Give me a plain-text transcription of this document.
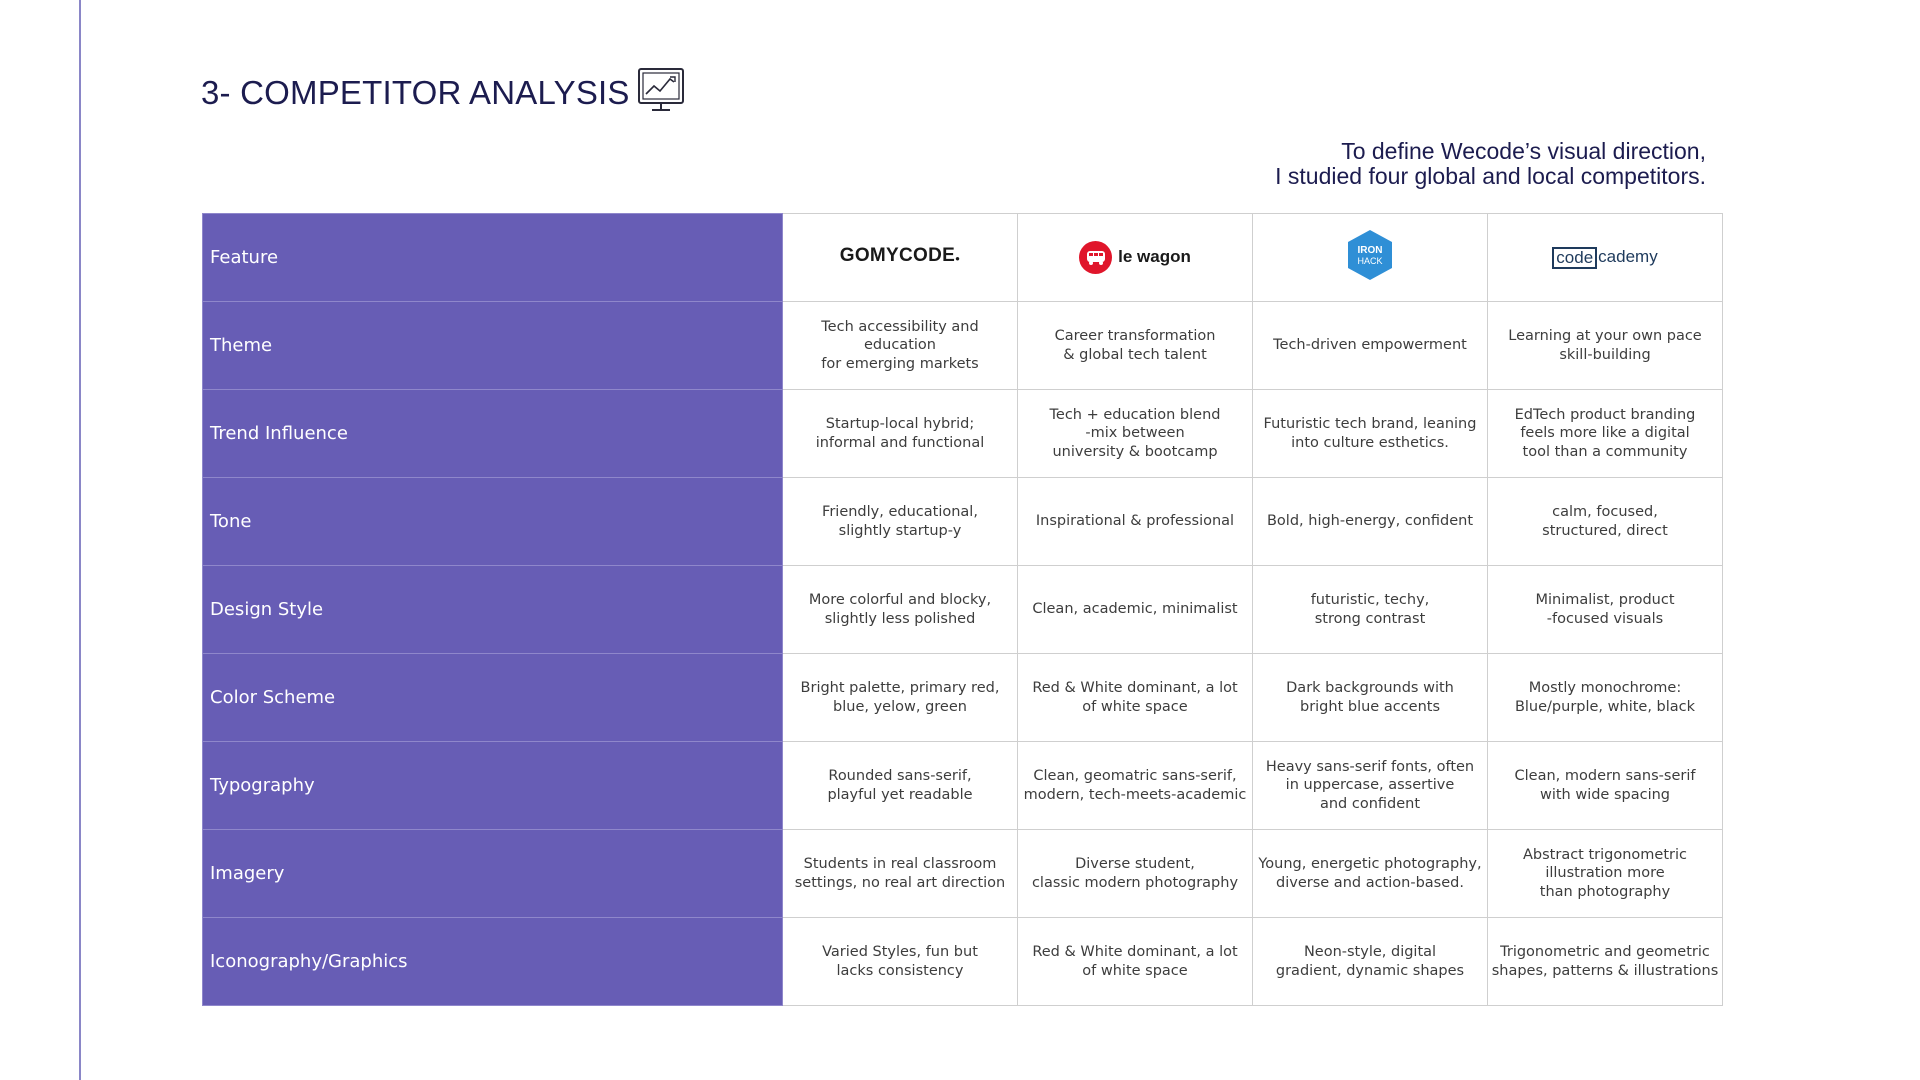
3- COMPETITOR ANALYSIS
To define Wecode’s visual direction,
I studied four global and local competitors.
Feature	GOMYCODE●	le wagon	IRON
HACK	code cademy

Theme	Tech accessibility and education
for emerging markets	Career transformation
& global tech talent	Tech-driven empowerment	Learning at your own pace
skill-building
Trend Influence	Startup-local hybrid;
informal and functional	Tech + education blend
-mix between
university & bootcamp	Futuristic tech brand, leaning
into culture esthetics.	EdTech product branding
feels more like a digital
tool than a community
Tone	Friendly, educational,
slightly startup-y	Inspirational & professional	Bold, high-energy, confident	calm, focused,
structured, direct
Design Style	More colorful and blocky,
slightly less polished	Clean, academic, minimalist	futuristic, techy,
strong contrast	Minimalist, product
-focused visuals
Color Scheme	Bright palette, primary red,
blue, yelow, green	Red & White dominant, a lot
of white space	Dark backgrounds with
bright blue accents	Mostly monochrome:
Blue/purple, white, black
Typography	Rounded sans-serif,
playful yet readable	Clean, geomatric sans-serif,
modern, tech-meets-academic	Heavy sans-serif fonts, often
in uppercase, assertive
and confident	Clean, modern sans-serif
with wide spacing
Imagery	Students in real classroom
settings, no real art direction	Diverse student,
classic modern photography	Young, energetic photography,
diverse and action-based.	Abstract trigonometric
illustration more
than photography
Iconography/Graphics	Varied Styles, fun but
lacks consistency	Red & White dominant, a lot
of white space	Neon-style, digital
gradient, dynamic shapes	Trigonometric and geometric
shapes, patterns & illustrations
